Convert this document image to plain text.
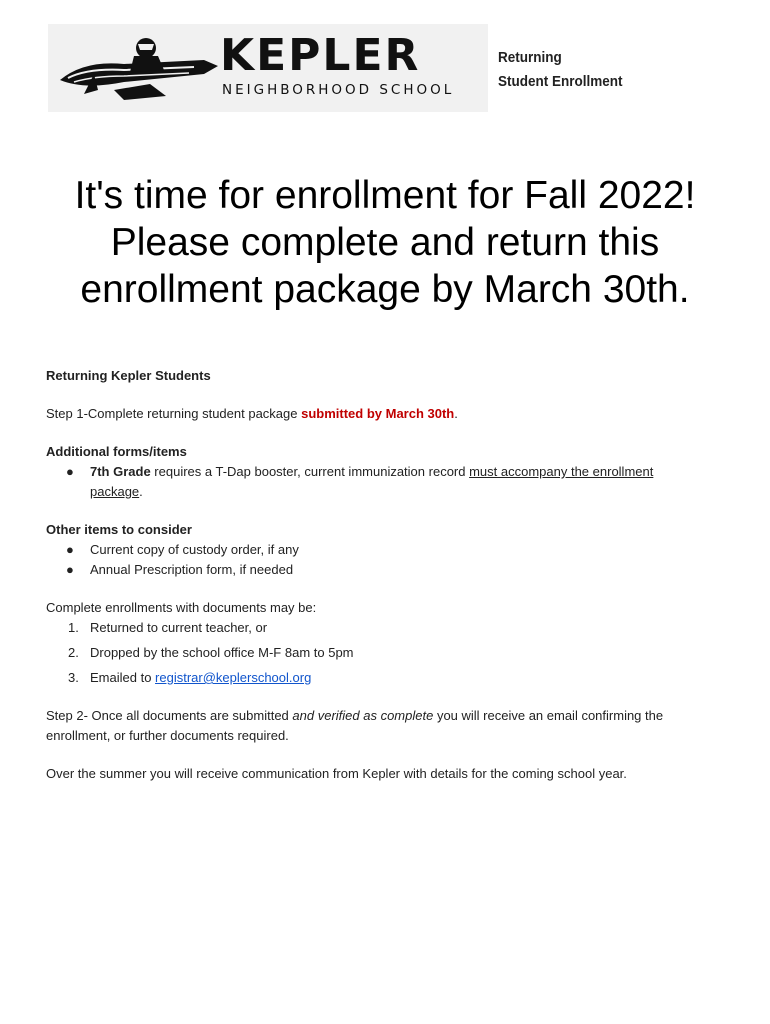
KEPLER
NEIGHBORHOOD SCHOOL
Returning
Student Enrollment
It's time for enrollment for Fall 2022!
Please complete and return this
enrollment package by March 30th.

Returning Kepler Students

Step 1-Complete returning student package submitted by March 30th.

Additional forms/items

● 7th Grade requires a T-Dap booster, current immunization record must accompany the enrollment
package.

Other items to consider

● Current copy of custody order, if any
● Annual Prescription form, if needed

Complete enrollments with documents may be:

1. Returned to current teacher, or
2. Dropped by the school office M-F 8am to 5pm
3. Emailed to registrar@keplerschool.org

Step 2- Once all documents are submitted and verified as complete you will receive an email confirming the enrollment, or further documents required.

Over the summer you will receive communication from Kepler with details for the coming school year.
